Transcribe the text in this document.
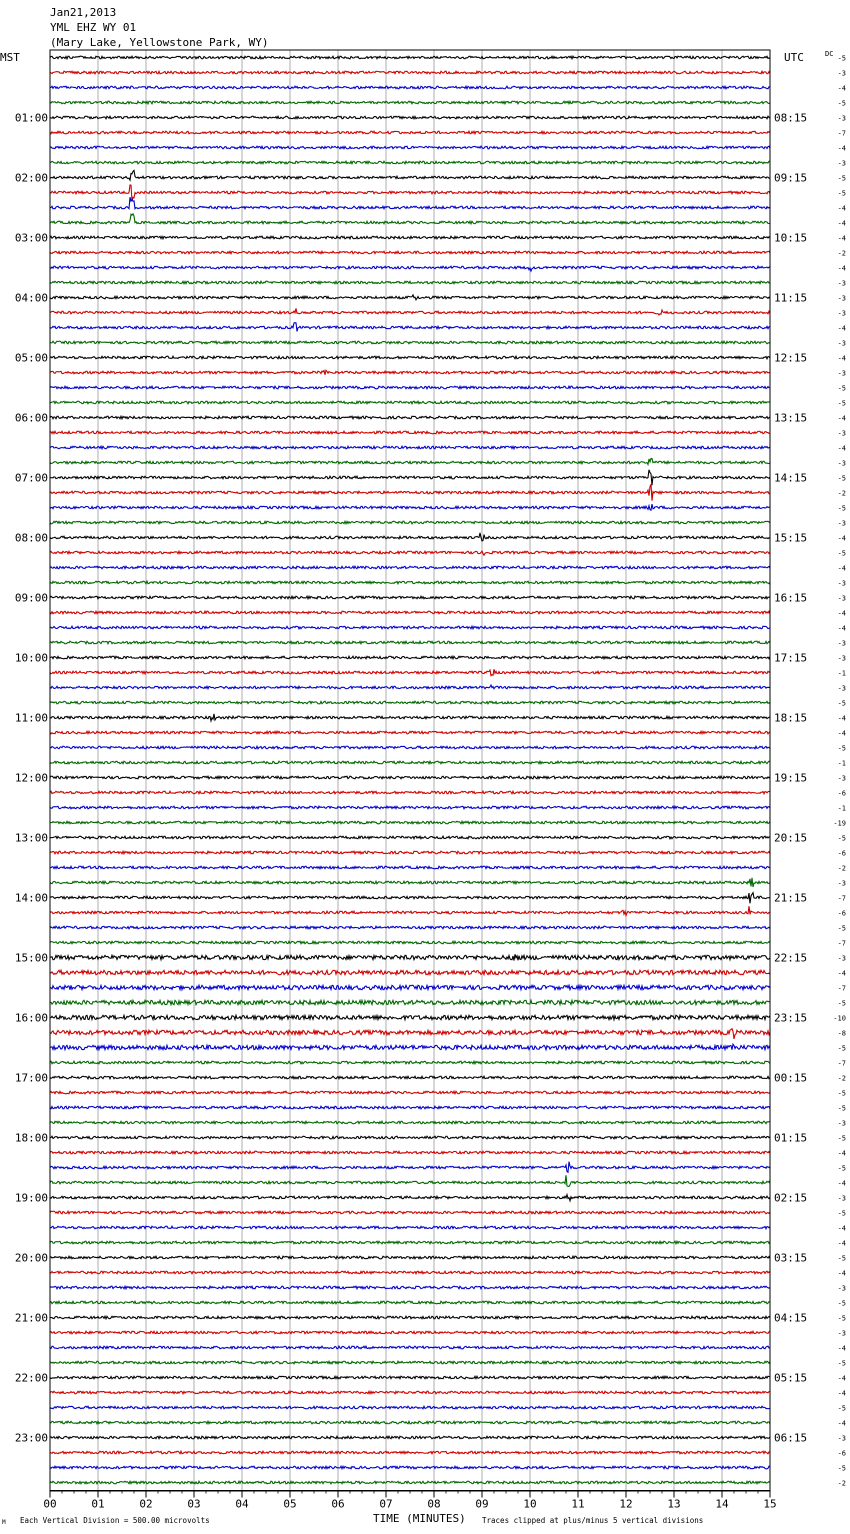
Jan21,2013
YML EHZ WY 01
(Mary Lake, Yellowstone Park, WY)
00	01	02	03	04	05	06	07	08	09	10	11	12	13	14	15
-5
-3
-4
-5
-3
-7
-4
-3
-5
-5
-4
-4
-4
-2
-4
-3
-3
-3
-4
-3
-4
-3
-5
-5
-4
-3
-4
-3
-5
-2
-5
-3
-4
-5
-4
-3
-3
-4
-4
-3
-3
-1
-3
-5
-4
-4
-5
-1
-3
-6
-1
-19
-5
-6
-2
-3
-7
-6
-5
-7
-3
-4
-7
-5
-10
-8
-5
-7
-2
-5
-5
-3
-5
-4
-5
-4
-3
-5
-4
-4
-5
-4
-3
-5
-5
-3
-4
-5
-4
-4
-5
-4
-3
-6
-5
-2
01:00
02:00
03:00
04:00
05:00
06:00
07:00
08:00
09:00
10:00
11:00
12:00
13:00
14:00
15:00
16:00
17:00
18:00
19:00
20:00
21:00
22:00
23:00
08:15
09:15
10:15
11:15
12:15
13:15
14:15
15:15
16:15
17:15
18:15
19:15
20:15
21:15
22:15
23:15
00:15
01:15
02:15
03:15
04:15
05:15
06:15
MST	UTC	DC
TIME (MINUTES)
M Each Vertical Division = 500.00 microvolts	Traces clipped at plus/minus 5 vertical divisions
